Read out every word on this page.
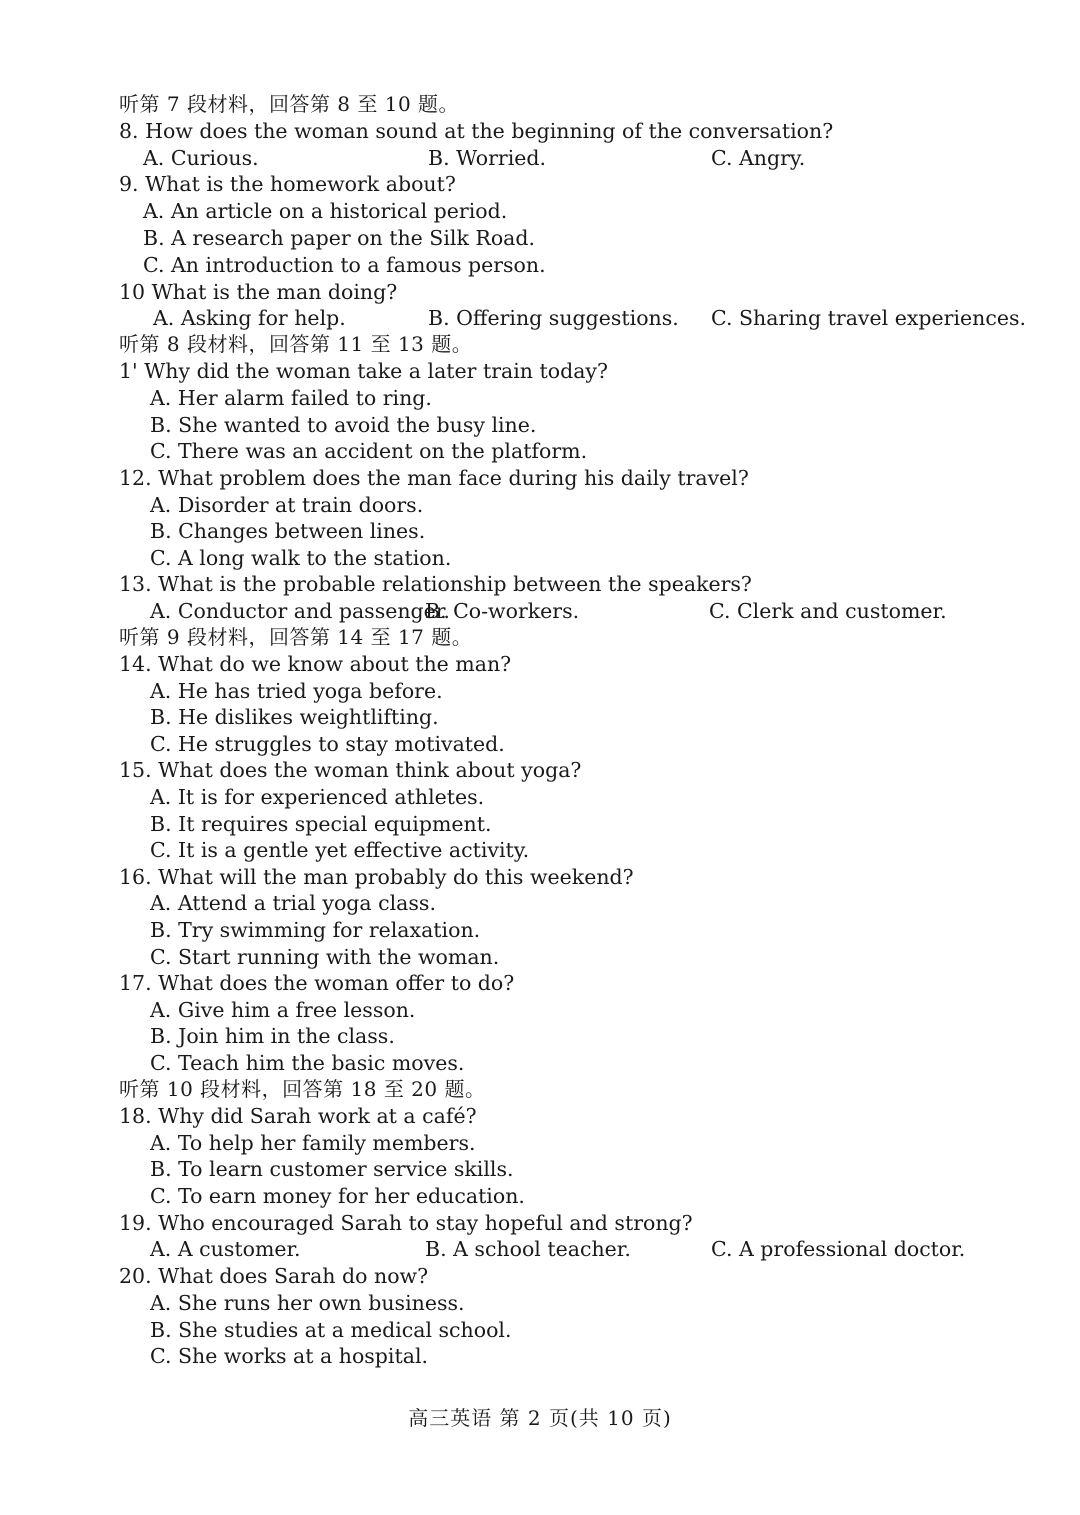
听第 7 段材料，回答第 8 至 10 题。
8. How does the woman sound at the beginning of the conversation?
A. Curious.	B. Worried.	C. Angry.
9. What is the homework about?
A. An article on a historical period.
B. A research paper on the Silk Road.
C. An introduction to a famous person.
10 What is the man doing?
A. Asking for help.	B. Offering suggestions. C. Sharing travel experiences.
听第 8 段材料，回答第 11 至 13 题。
1' Why did the woman take a later train today?
A. Her alarm failed to ring.
B. She wanted to avoid the busy line.
C. There was an accident on the platform.
12. What problem does the man face during his daily travel?
A. Disorder at train doors.
B. Changes between lines.
C. A long walk to the station.
13. What is the probable relationship between the speakers?
A. Conductor and passenger.
B. Co-workers.	C. Clerk and customer.
听第 9 段材料，回答第 14 至 17 题。
14. What do we know about the man?
A. He has tried yoga before.
B. He dislikes weightlifting.
C. He struggles to stay motivated.
15. What does the woman think about yoga?
A. It is for experienced athletes.
B. It requires special equipment.
C. It is a gentle yet effective activity.
16. What will the man probably do this weekend?
A. Attend a trial yoga class.
B. Try swimming for relaxation.
C. Start running with the woman.
17. What does the woman offer to do?
A. Give him a free lesson.
B. Join him in the class.
C. Teach him the basic moves.
听第 10 段材料，回答第 18 至 20 题。
18. Why did Sarah work at a café?
A. To help her family members.
B. To learn customer service skills.
C. To earn money for her education.
19. Who encouraged Sarah to stay hopeful and strong?
A. A customer.	B. A school teacher.	C. A professional doctor.
20. What does Sarah do now?
A. She runs her own business.
B. She studies at a medical school.
C. She works at a hospital.
高三英语 第 2 页(共 10 页)
